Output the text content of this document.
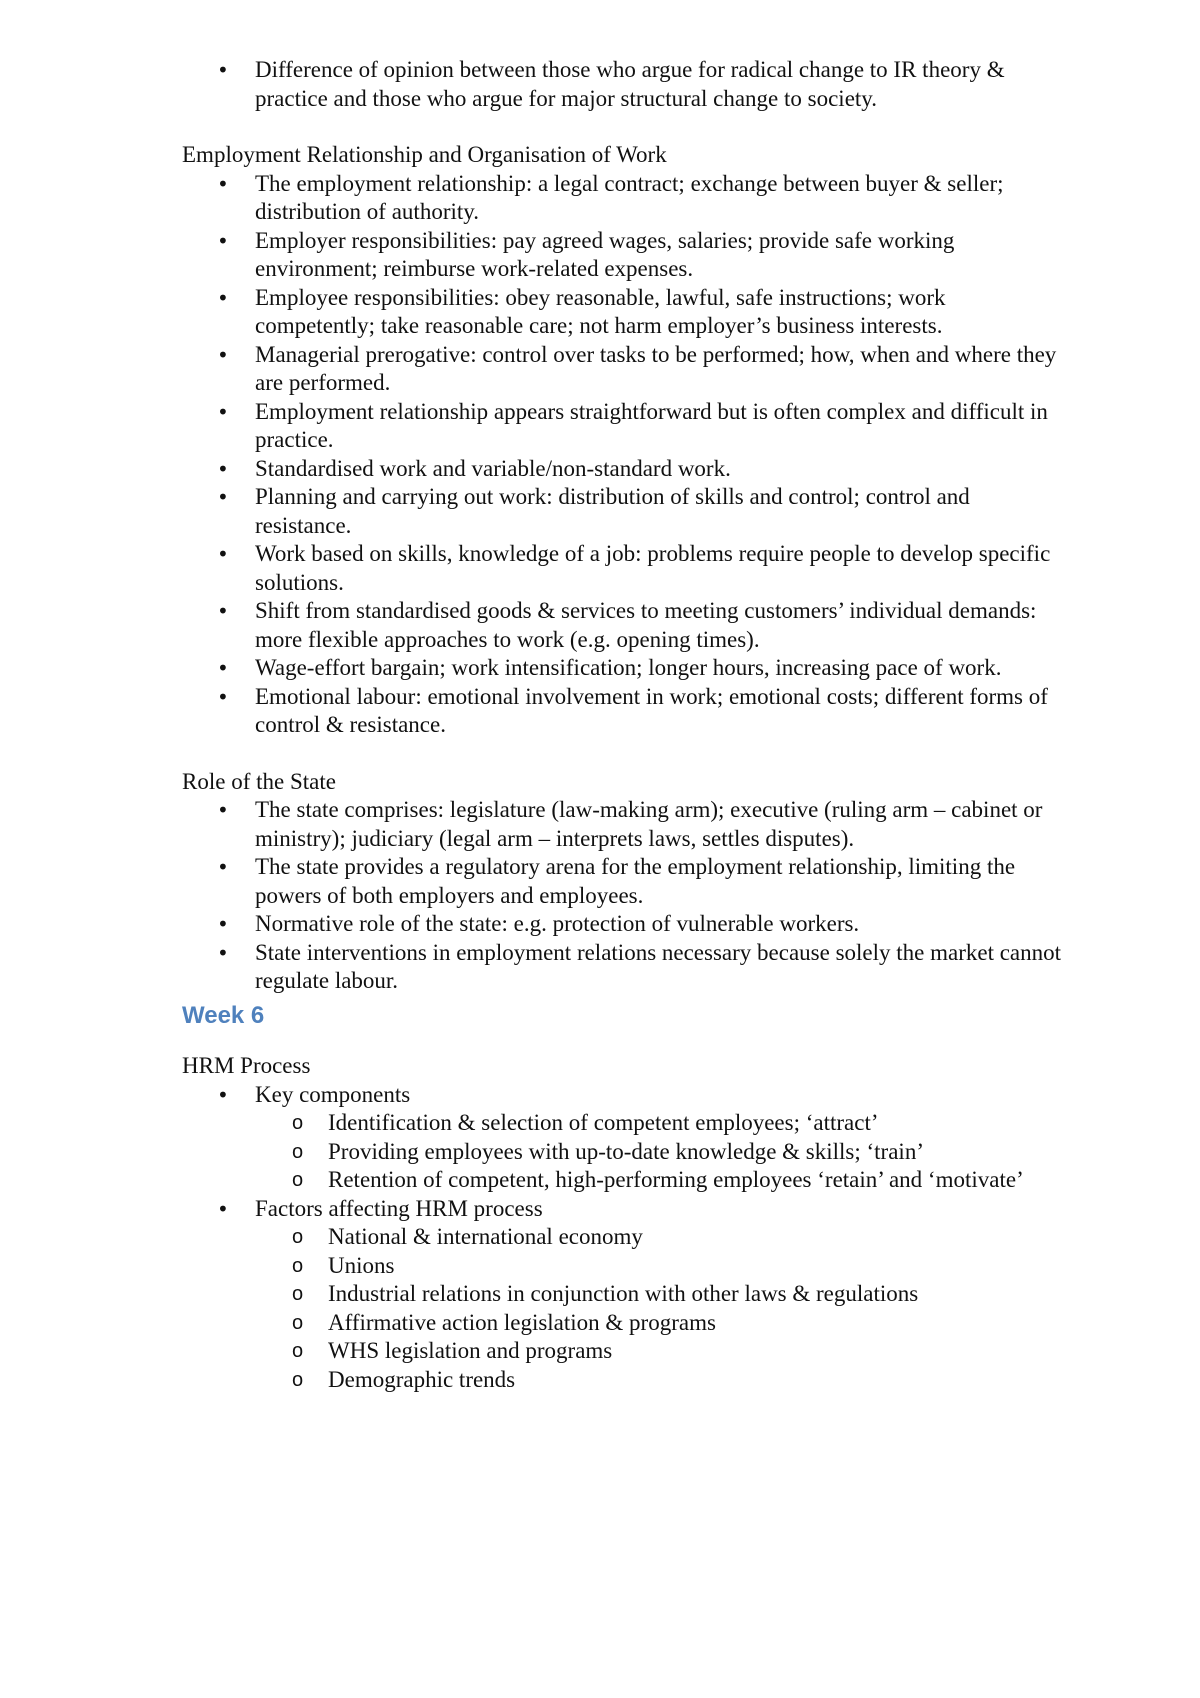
• Difference of opinion between those who argue for radical change to IR theory & practice and those who argue for major structural change to society.

Employment Relationship and Organisation of Work

• The employment relationship: a legal contract; exchange between buyer & seller; distribution of authority.
• Employer responsibilities: pay agreed wages, salaries; provide safe working environment; reimburse work-related expenses.
• Employee responsibilities: obey reasonable, lawful, safe instructions; work competently; take reasonable care; not harm employer’s business interests.
• Managerial prerogative: control over tasks to be performed; how, when and where they are performed.
• Employment relationship appears straightforward but is often complex and difficult in practice.
• Standardised work and variable/non-standard work.
• Planning and carrying out work: distribution of skills and control; control and resistance.
• Work based on skills, knowledge of a job: problems require people to develop specific solutions.
• Shift from standardised goods & services to meeting customers’ individual demands: more flexible approaches to work (e.g. opening times).
• Wage-effort bargain; work intensification; longer hours, increasing pace of work.
• Emotional labour: emotional involvement in work; emotional costs; different forms of control & resistance.

Role of the State

• The state comprises: legislature (law-making arm); executive (ruling arm – cabinet or ministry); judiciary (legal arm – interprets laws, settles disputes).
• The state provides a regulatory arena for the employment relationship, limiting the powers of both employers and employees.
• Normative role of the state: e.g. protection of vulnerable workers.
• State interventions in employment relations necessary because solely the market cannot regulate labour.
Week 6

HRM Process

• Key components
o Identification & selection of competent employees; ‘attract’
o Providing employees with up-to-date knowledge & skills; ‘train’
o Retention of competent, high-performing employees ‘retain’ and ‘motivate’
• Factors affecting HRM process
o National & international economy
o Unions
o Industrial relations in conjunction with other laws & regulations
o Affirmative action legislation & programs
o WHS legislation and programs
o Demographic trends
